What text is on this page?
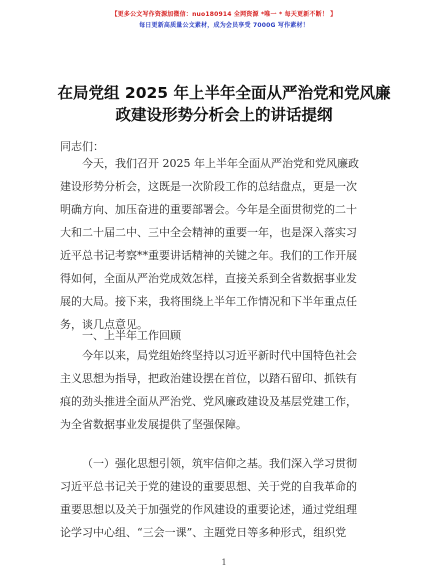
【更多公文写作资源加微信：nuo180914 全网资源 *唯一 * 每天更新不断！ 】
每日更新高质量公文素材，成为会员享受 7000G 写作素材！
在局党组 2025 年上半年全面从严治党和党风廉
政建设形势分析会上的讲话提纲
同志们：
今天，我们召开 2025 年上半年全面从严治党和党风廉政
建设形势分析会，这既是一次阶段工作的总结盘点，更是一次
明确方向、加压奋进的重要部署会。今年是全面贯彻党的二十
大和二十届二中、三中全会精神的重要一年，也是深入落实习
近平总书记考察**重要讲话精神的关键之年。我们的工作开展
得如何，全面从严治党成效怎样，直接关系到全省数据事业发
展的大局。接下来，我将围绕上半年工作情况和下半年重点任
务，谈几点意见。
一、上半年工作回顾
今年以来，局党组始终坚持以习近平新时代中国特色社会
主义思想为指导，把政治建设摆在首位，以踏石留印、抓铁有
痕的劲头推进全面从严治党、党风廉政建设及基层党建工作，
为全省数据事业发展提供了坚强保障。
（一）强化思想引领，筑牢信仰之基。我们深入学习贯彻
习近平总书记关于党的建设的重要思想、关于党的自我革命的
重要思想以及关于加强党的作风建设的重要论述，通过党组理
论学习中心组、“三会一课”、主题党日等多种形式，组织党
1
